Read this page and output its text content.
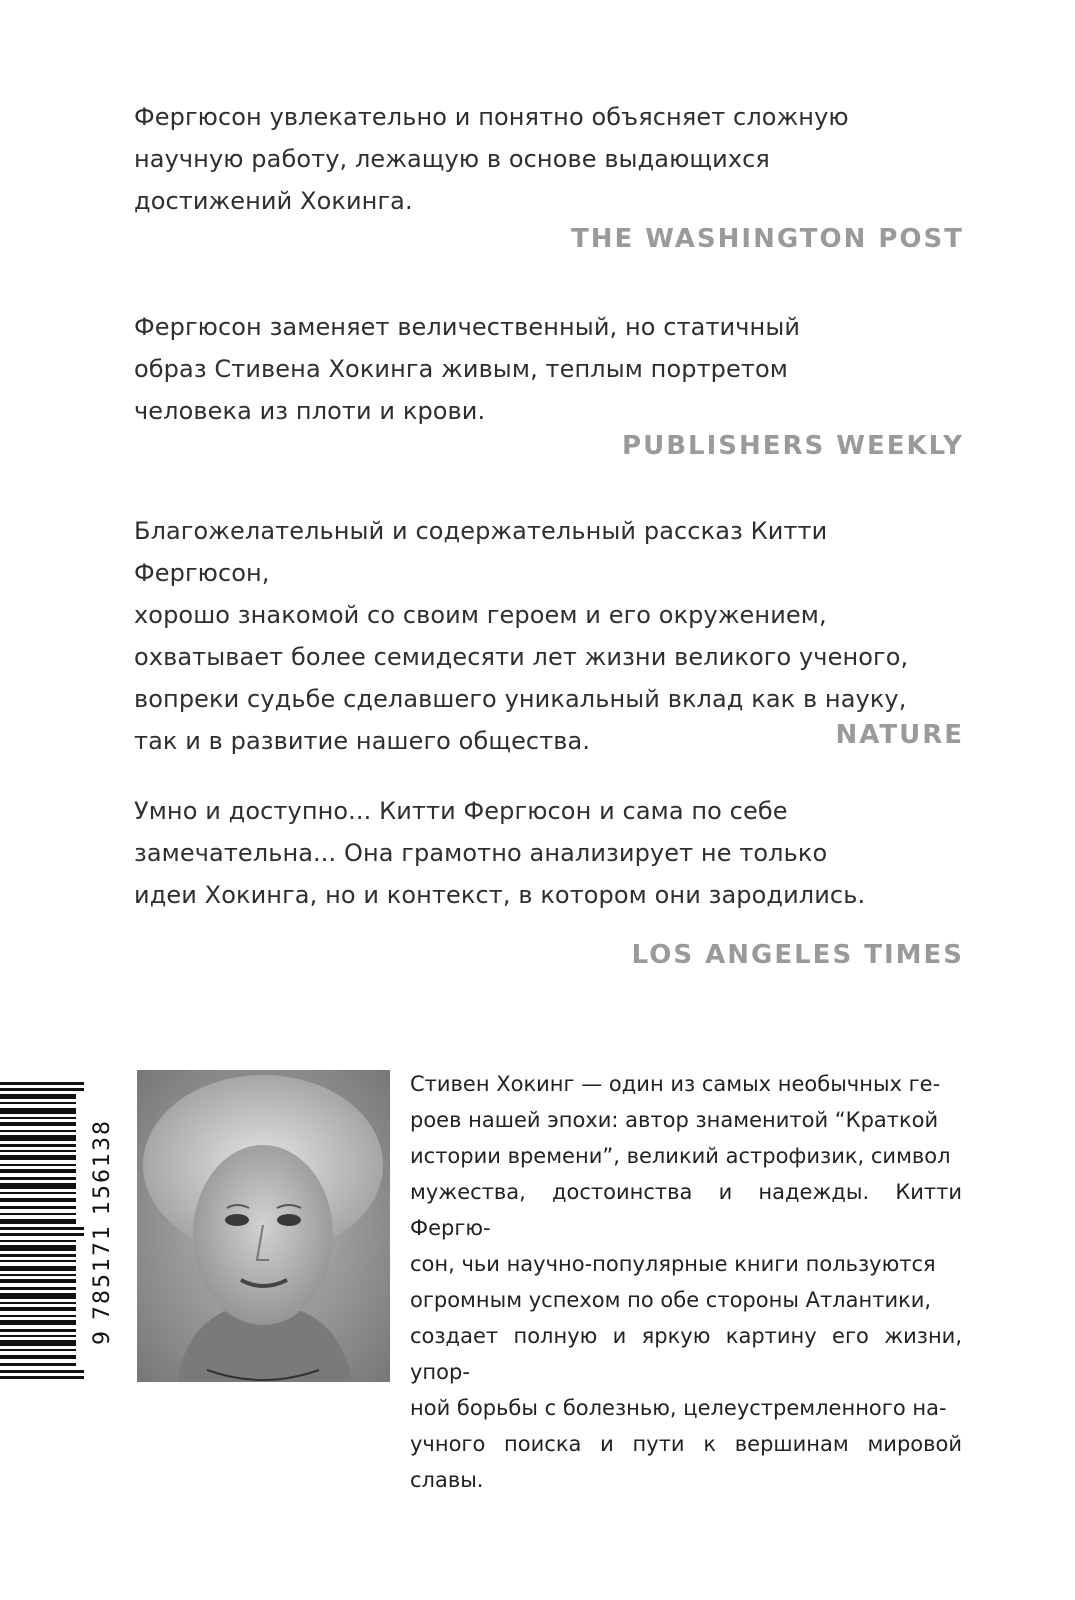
Фергюсон увлекательно и понятно объясняет сложную
научную работу, лежащую в основе выдающихся
достижений Хокинга.
THE WASHINGTON POST
Фергюсон заменяет величественный, но статичный
образ Стивена Хокинга живым, теплым портретом
человека из плоти и крови.
PUBLISHERS WEEKLY
Благожелательный и содержательный рассказ Китти Фергюсон,
хорошо знакомой со своим героем и его окружением,
охватывает более семидесяти лет жизни великого ученого,
вопреки судьбе сделавшего уникальный вклад как в науку,
так и в развитие нашего общества.	NATURE
Умно и доступно... Китти Фергюсон и сама по себе
замечательна... Она грамотно анализирует не только
идеи Хокинга, но и контекст, в котором они зародились.
LOS ANGELES TIMES
9 785171 156138
Стивен Хокинг — один из самых необычных ге-
роев нашей эпохи: автор знаменитой “Краткой
истории времени”, великий астрофизик, символ
мужества, достоинства и надежды. Китти Фергю-
сон, чьи научно-популярные книги пользуются
огромным успехом по обе стороны Атлантики,
создает полную и яркую картину его жизни, упор-
ной борьбы с болезнью, целеустремленного на-
учного поиска и пути к вершинам мировой славы.
